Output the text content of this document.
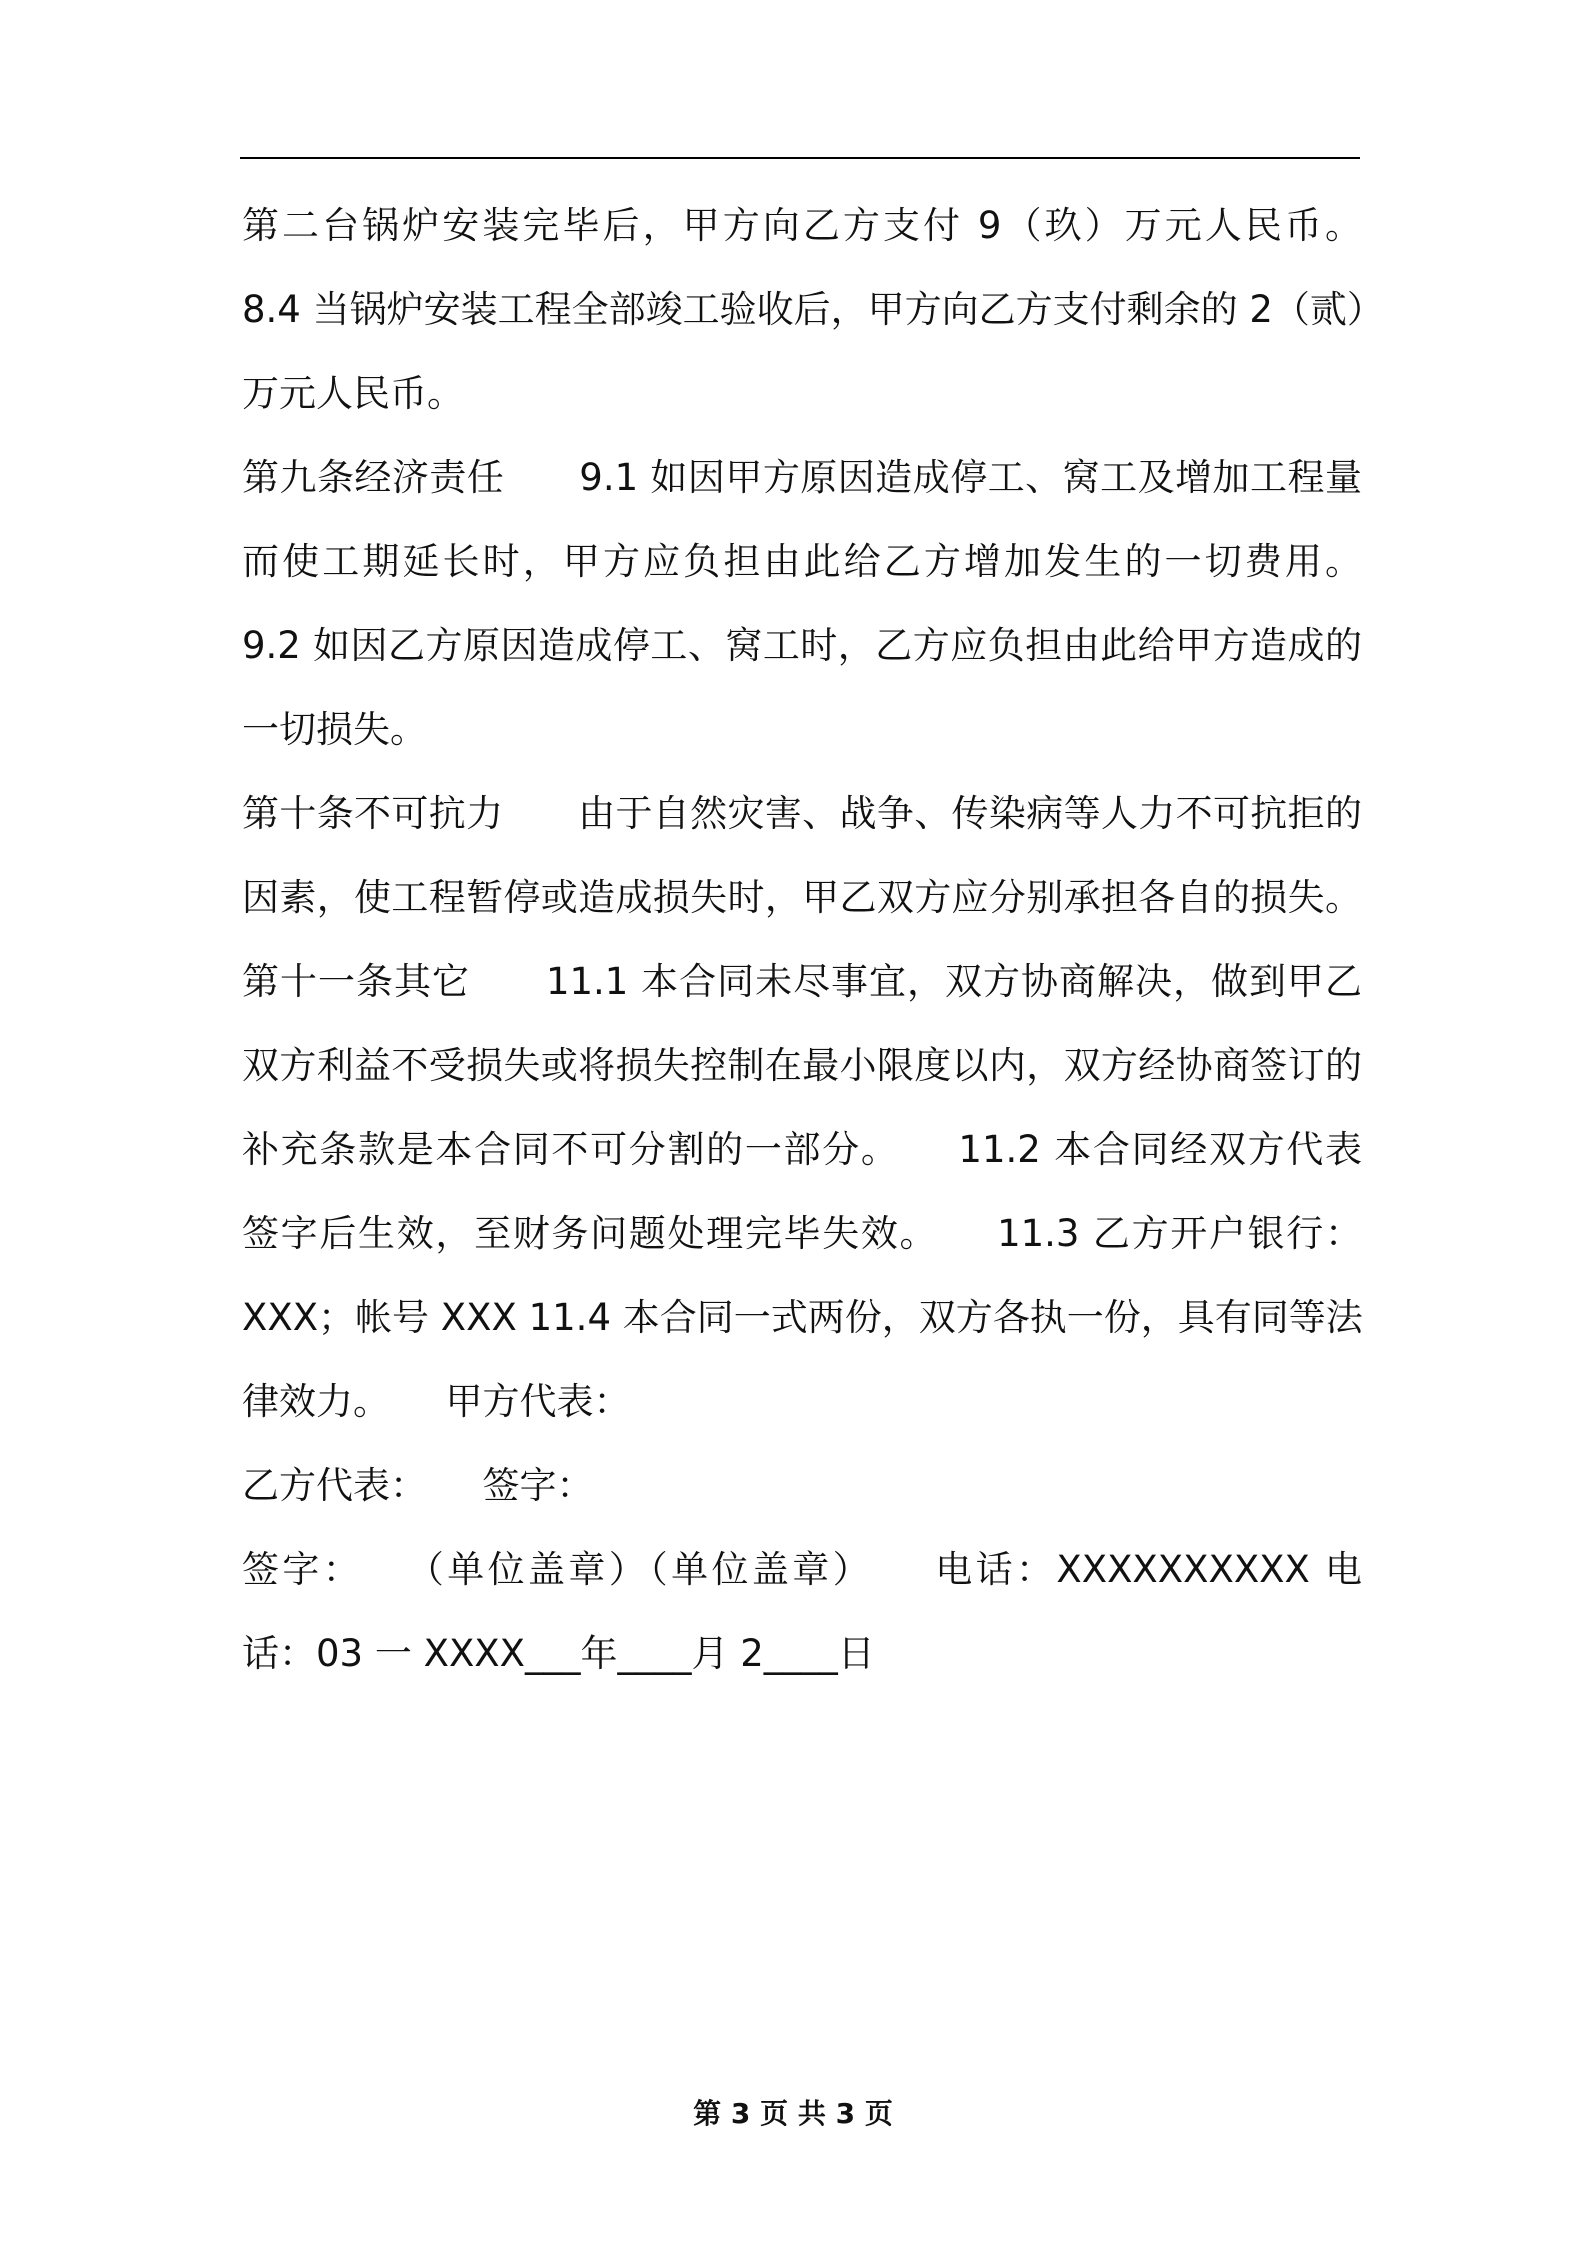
第二台锅炉安装完毕后，甲方向乙方支付 9（玖）万元人民币。
8.4 当锅炉安装工程全部竣工验收后，甲方向乙方支付剩余的 2（贰）
万元人民币。
第九条经济责任　　9.1 如因甲方原因造成停工、窝工及增加工程量
而使工期延长时，甲方应负担由此给乙方增加发生的一切费用。
9.2 如因乙方原因造成停工、窝工时，乙方应负担由此给甲方造成的
一切损失。
第十条不可抗力　　由于自然灾害、战争、传染病等人力不可抗拒的
因素，使工程暂停或造成损失时，甲乙双方应分别承担各自的损失。
第十一条其它　　11.1 本合同未尽事宜，双方协商解决，做到甲乙
双方利益不受损失或将损失控制在最小限度以内，双方经协商签订的
补充条款是本合同不可分割的一部分。　　11.2 本合同经双方代表
签字后生效，至财务问题处理完毕失效。　　11.3 乙方开户银行：
XXX；帐号 XXX 11.4 本合同一式两份，双方各执一份，具有同等法
律效力。　　甲方代表：
乙方代表：　　签字：
签字：　　（单位盖章）（单位盖章）　　电话：XXXXXXXXXX 电
话：03 一 XXXX___年____月 2____日
第 3 页 共 3 页
